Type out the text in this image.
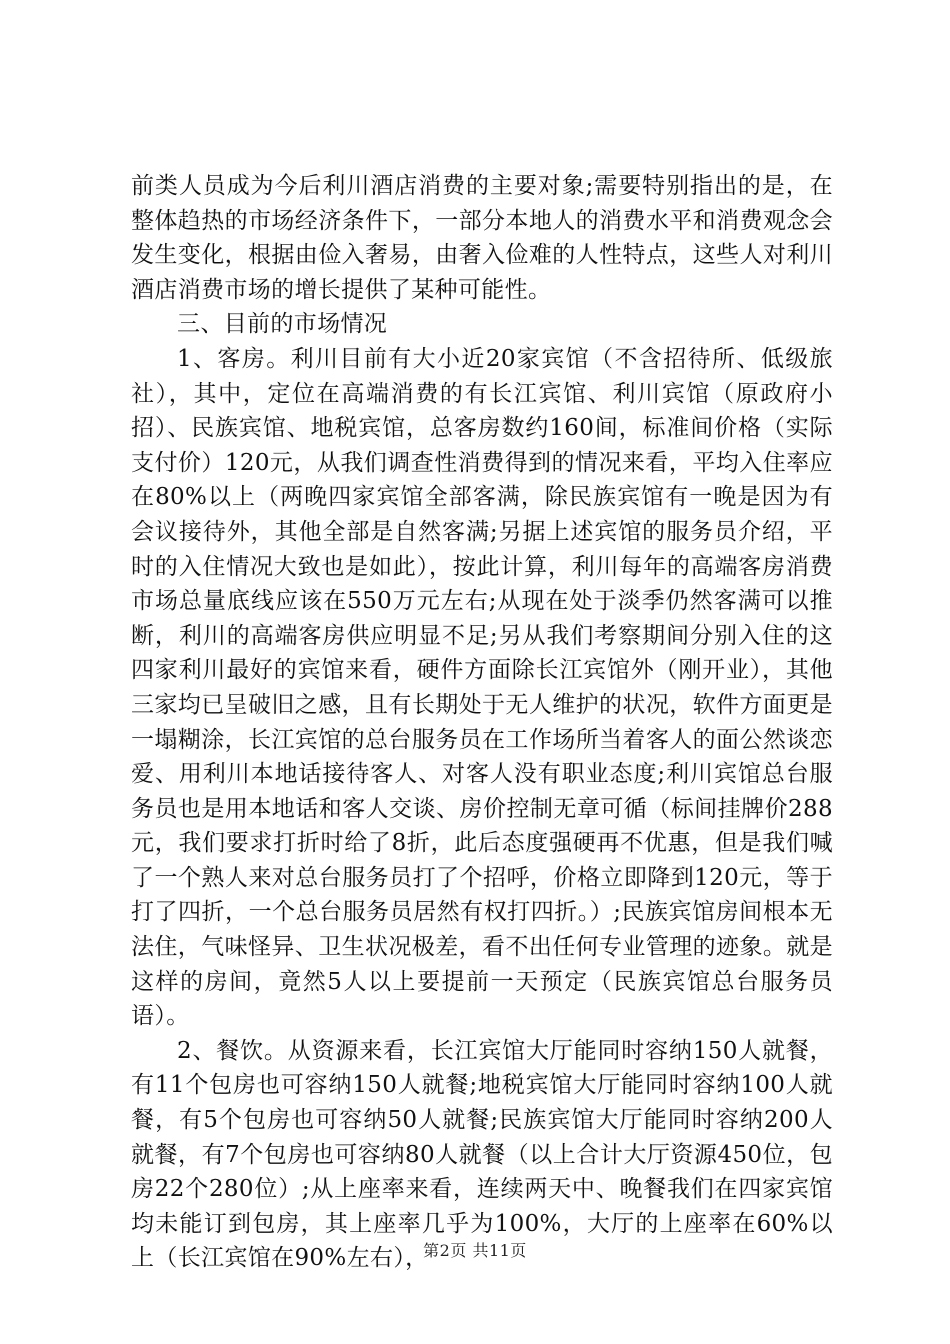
前类人员成为今后利川酒店消费的主要对象;需要特别指出的是，在整体趋热的市场经济条件下，一部分本地人的消费水平和消费观念会发生变化，根据由俭入奢易，由奢入俭难的人性特点，这些人对利川酒店消费市场的增长提供了某种可能性。

三、目前的市场情况

1、客房。利川目前有大小近20家宾馆（不含招待所、低级旅社），其中，定位在高端消费的有长江宾馆、利川宾馆（原政府小招）、民族宾馆、地税宾馆，总客房数约160间，标准间价格（实际支付价）120元，从我们调查性消费得到的情况来看，平均入住率应在80%以上（两晚四家宾馆全部客满，除民族宾馆有一晚是因为有会议接待外，其他全部是自然客满;另据上述宾馆的服务员介绍，平时的入住情况大致也是如此），按此计算，利川每年的高端客房消费市场总量底线应该在550万元左右;从现在处于淡季仍然客满可以推断，利川的高端客房供应明显不足;另从我们考察期间分别入住的这四家利川最好的宾馆来看，硬件方面除长江宾馆外（刚开业），其他三家均已呈破旧之感，且有长期处于无人维护的状况，软件方面更是一塌糊涂，长江宾馆的总台服务员在工作场所当着客人的面公然谈恋爱、用利川本地话接待客人、对客人没有职业态度;利川宾馆总台服务员也是用本地话和客人交谈、房价控制无章可循（标间挂牌价288元，我们要求打折时给了8折，此后态度强硬再不优惠，但是我们喊了一个熟人来对总台服务员打了个招呼，价格立即降到120元，等于打了四折，一个总台服务员居然有权打四折。）;民族宾馆房间根本无法住，气味怪异、卫生状况极差，看不出任何专业管理的迹象。就是这样的房间，竟然5人以上要提前一天预定（民族宾馆总台服务员语）。

2、餐饮。从资源来看，长江宾馆大厅能同时容纳150人就餐，有11个包房也可容纳150人就餐;地税宾馆大厅能同时容纳100人就餐，有5个包房也可容纳50人就餐;民族宾馆大厅能同时容纳200人就餐，有7个包房也可容纳80人就餐（以上合计大厅资源450位，包房22个280位）;从上座率来看，连续两天中、晚餐我们在四家宾馆均未能订到包房，其上座率几乎为100%，大厅的上座率在60%以上（长江宾馆在90%左右），

第2页 共11页
